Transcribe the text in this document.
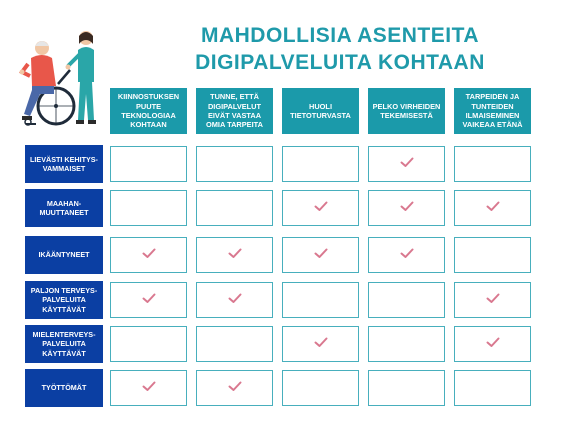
MAHDOLLISIA ASENTEITA
DIGIPALVELUITA KOHTAAN
KIINNOSTUKSEN PUUTE TEKNOLOGIAA KOHTAAN
TUNNE, ETTÄ DIGIPALVELUT EIVÄT VASTAA OMIA TARPEITA
HUOLI TIETOTURVASTA
PELKO VIRHEIDEN TEKEMISESTÄ
TARPEIDEN JA TUNTEIDEN ILMAISEMINEN VAIKEAA ETÄNÄ
LIEVÄSTI KEHITYS-VAMMAISET
MAAHAN-MUUTTANEET
IKÄÄNTYNEET
PALJON TERVEYS-PALVELUITA KÄYTTÄVÄT
MIELENTERVEYS-PALVELUITA KÄYTTÄVÄT
TYÖTTÖMÄT
